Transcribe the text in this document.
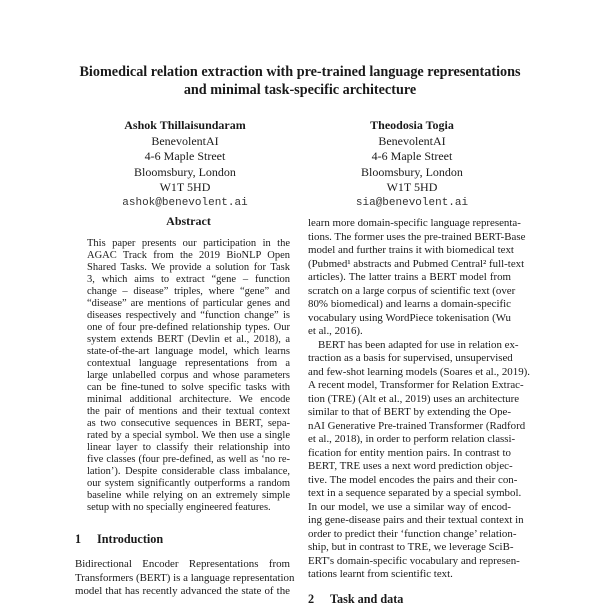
Biomedical relation extraction with pre-trained language representations
and minimal task-specific architecture
Ashok Thillaisundaram
BenevolentAI
4-6 Maple Street
Bloomsbury, London
W1T 5HD
ashok@benevolent.ai
Theodosia Togia
BenevolentAI
4-6 Maple Street
Bloomsbury, London
W1T 5HD
sia@benevolent.ai
Abstract
This paper presents our participation in the
AGAC Track from the 2019 BioNLP Open
Shared Tasks. We provide a solution for Task
3, which aims to extract “gene – function
change – disease” triples, where “gene” and
“disease” are mentions of particular genes and
diseases respectively and “function change” is
one of four pre-defined relationship types. Our
system extends BERT (Devlin et al., 2018), a
state-of-the-art language model, which learns
contextual language representations from a
large unlabelled corpus and whose parameters
can be fine-tuned to solve specific tasks with
minimal additional architecture. We encode
the pair of mentions and their textual context
as two consecutive sequences in BERT, sepa-
rated by a special symbol. We then use a single
linear layer to classify their relationship into
five classes (four pre-defined, as well as ‘no re-
lation’). Despite considerable class imbalance,
our system significantly outperforms a random
baseline while relying on an extremely simple
setup with no specially engineered features.
1 Introduction
Bidirectional Encoder Representations from
Transformers (BERT) is a language representation
model that has recently advanced the state of the
learn more domain-specific language representa-
tions. The former uses the pre-trained BERT-Base
model and further trains it with biomedical text
(Pubmed¹ abstracts and Pubmed Central² full-text
articles). The latter trains a BERT model from
scratch on a large corpus of scientific text (over
80% biomedical) and learns a domain-specific
vocabulary using WordPiece tokenisation (Wu
et al., 2016).
BERT has been adapted for use in relation ex-
traction as a basis for supervised, unsupervised
and few-shot learning models (Soares et al., 2019).
A recent model, Transformer for Relation Extrac-
tion (TRE) (Alt et al., 2019) uses an architecture
similar to that of BERT by extending the Ope-
nAI Generative Pre-trained Transformer (Radford
et al., 2018), in order to perform relation classi-
fication for entity mention pairs. In contrast to
BERT, TRE uses a next word prediction objec-
tive. The model encodes the pairs and their con-
text in a sequence separated by a special symbol.
In our model, we use a similar way of encod-
ing gene-disease pairs and their textual context in
order to predict their ‘function change’ relation-
ship, but in contrast to TRE, we leverage SciB-
ERT's domain-specific vocabulary and represen-
tations learnt from scientific text.
2 Task and data
